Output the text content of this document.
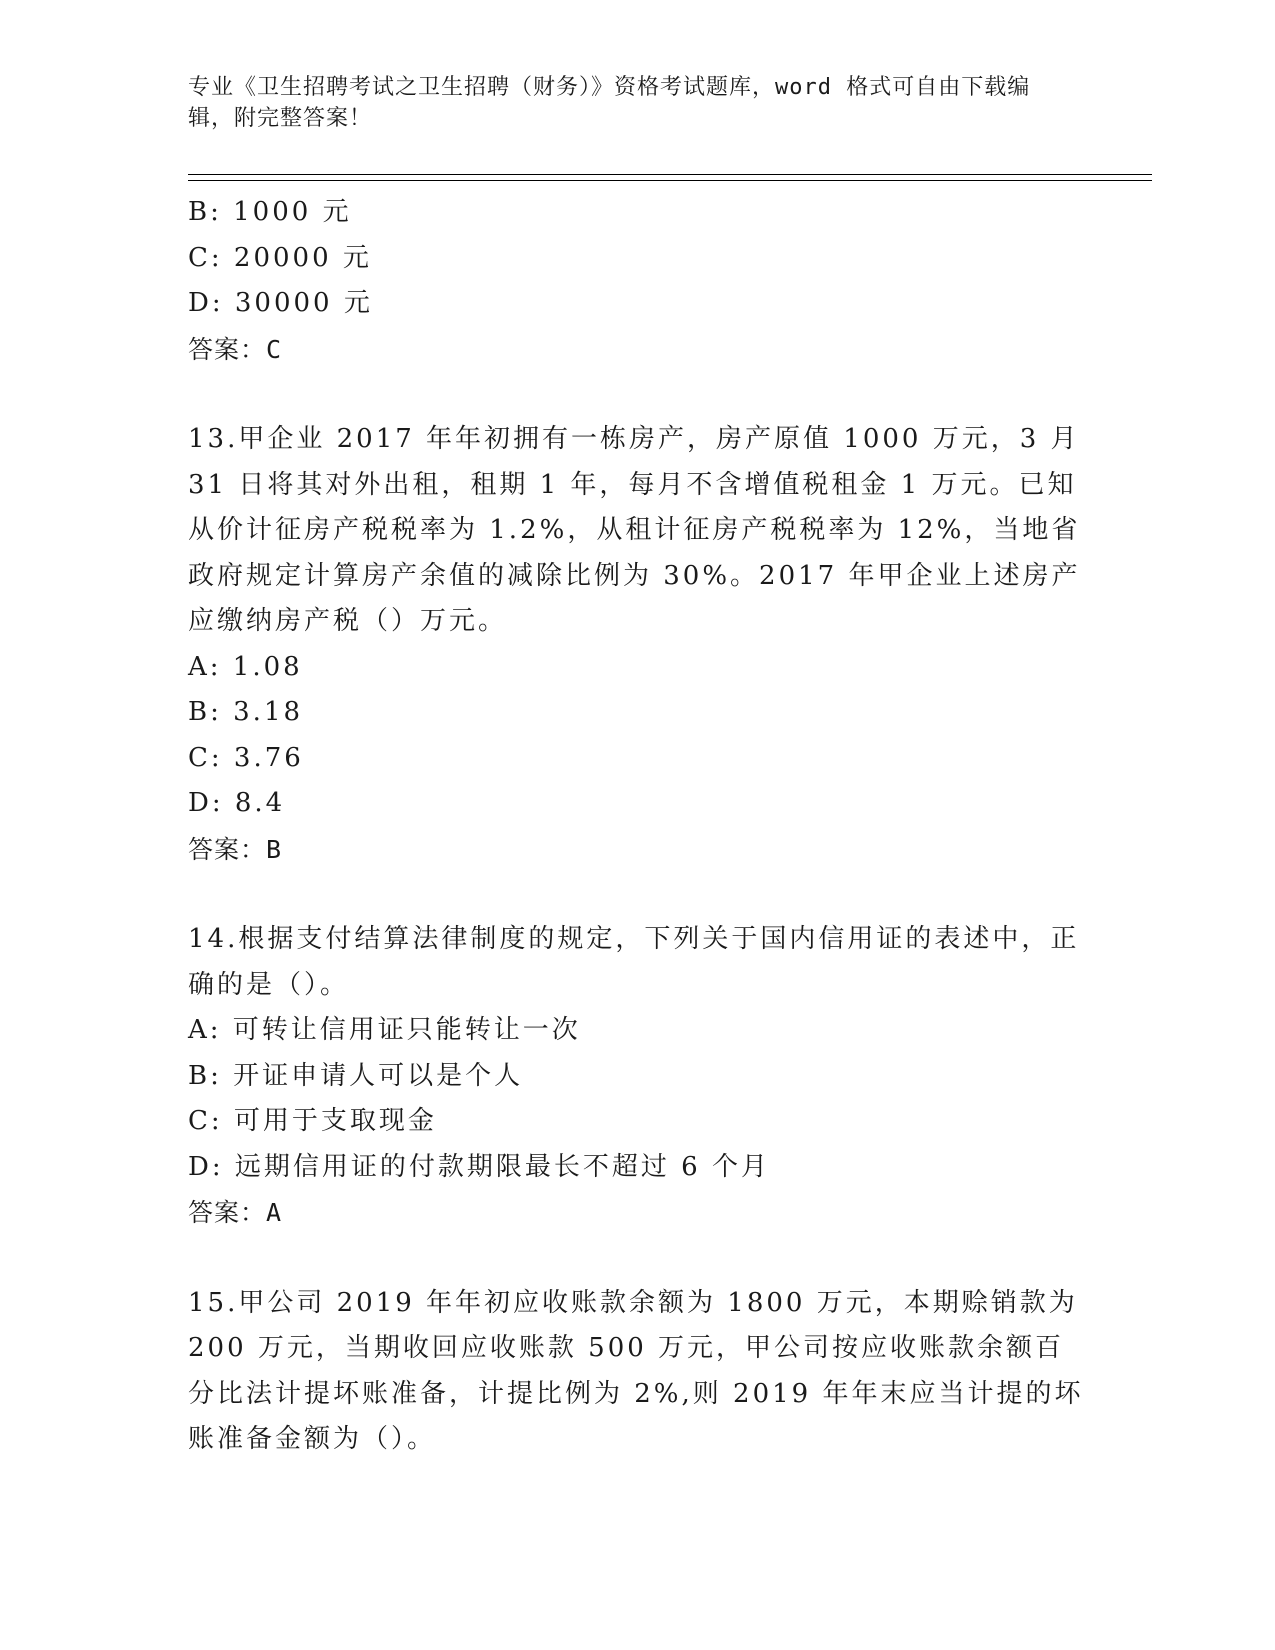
专业《卫生招聘考试之卫生招聘（财务）》资格考试题库，word 格式可自由下载编辑，附完整答案！
B: 1000 元
C: 20000 元
D: 30000 元
答案：C
13.甲企业 2017 年年初拥有一栋房产，房产原值 1000 万元，3 月 31 日将其对外出租，租期 1 年，每月不含增值税租金 1 万元。已知从价计征房产税税率为 1.2%，从租计征房产税税率为 12%，当地省政府规定计算房产余值的减除比例为 30%。2017 年甲企业上述房产应缴纳房产税（）万元。
A: 1.08
B: 3.18
C: 3.76
D: 8.4
答案：B
14.根据支付结算法律制度的规定，下列关于国内信用证的表述中，正确的是（）。
A: 可转让信用证只能转让一次
B: 开证申请人可以是个人
C: 可用于支取现金
D: 远期信用证的付款期限最长不超过 6 个月
答案：A
15.甲公司 2019 年年初应收账款余额为 1800 万元，本期赊销款为 200 万元，当期收回应收账款 500 万元，甲公司按应收账款余额百分比法计提坏账准备，计提比例为 2%,则 2019 年年末应当计提的坏账准备金额为（）。
